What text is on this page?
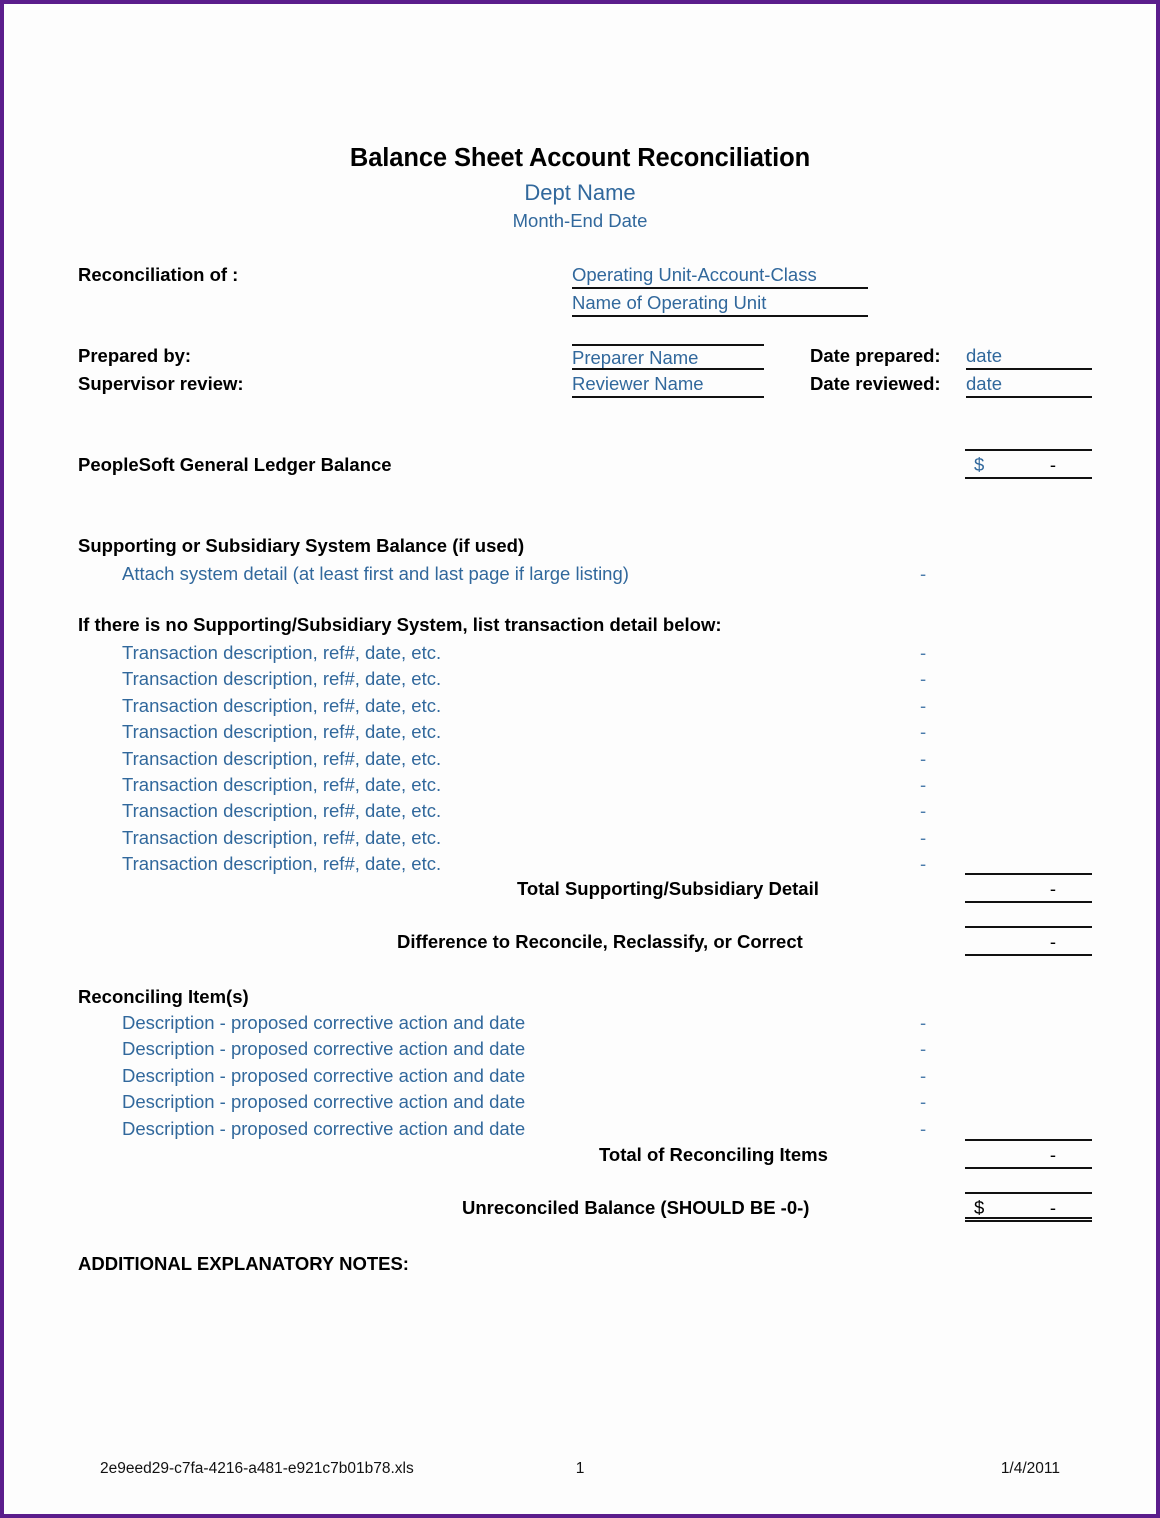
Balance Sheet Account Reconciliation
Dept Name
Month-End Date
Reconciliation of :	Operating Unit-Account-Class
Name of Operating Unit
Prepared by:	Preparer Name	Date prepared: date
Supervisor review:	Reviewer Name	Date reviewed: date
PeopleSoft General Ledger Balance	$	-
Supporting or Subsidiary System Balance (if used)
Attach system detail (at least first and last page if large listing)	-
If there is no Supporting/Subsidiary System, list transaction detail below:
Transaction description, ref#, date, etc.	-
Transaction description, ref#, date, etc.	-
Transaction description, ref#, date, etc.	-
Transaction description, ref#, date, etc.	-
Transaction description, ref#, date, etc.	-
Transaction description, ref#, date, etc.	-
Transaction description, ref#, date, etc.	-
Transaction description, ref#, date, etc.	-
Transaction description, ref#, date, etc.	-
Total Supporting/Subsidiary Detail	-
Difference to Reconcile, Reclassify, or Correct	-
Reconciling Item(s)
Description - proposed corrective action and date	-
Description - proposed corrective action and date	-
Description - proposed corrective action and date	-
Description - proposed corrective action and date	-
Description - proposed corrective action and date	-
Total of Reconciling Items	-
Unreconciled Balance (SHOULD BE -0-)	$	-
ADDITIONAL EXPLANATORY NOTES:
2e9eed29-c7fa-4216-a481-e921c7b01b78.xls	1	1/4/2011
